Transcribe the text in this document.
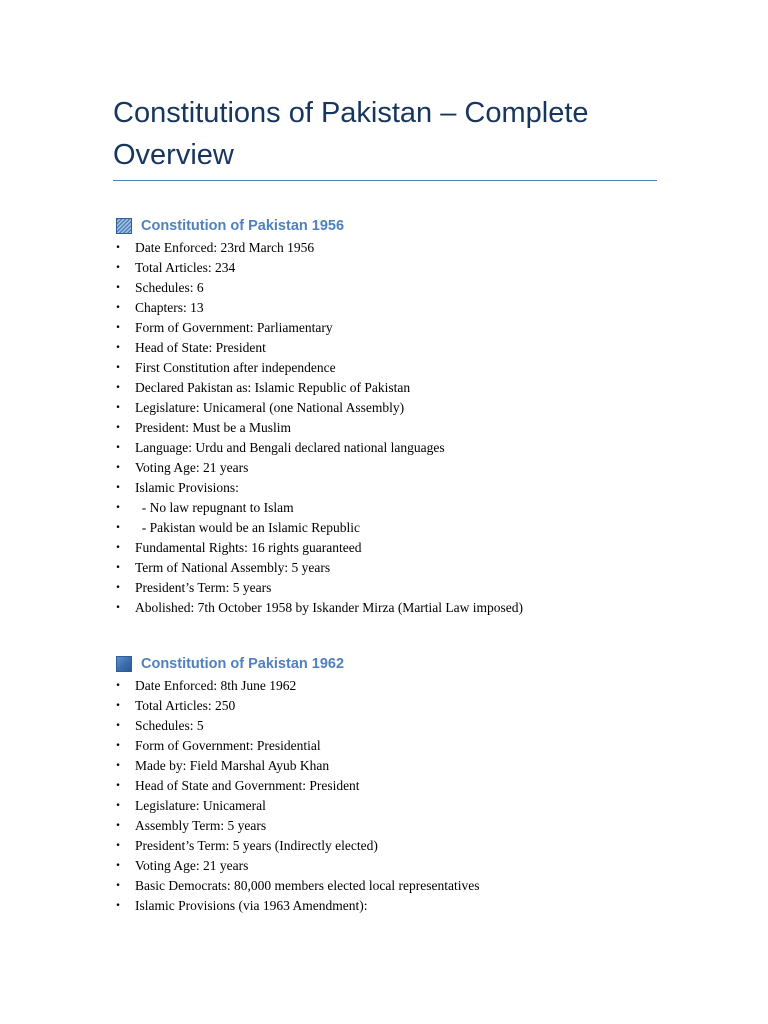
Constitutions of Pakistan – Complete Overview
Constitution of Pakistan 1956
• Date Enforced: 23rd March 1956
• Total Articles: 234
• Schedules: 6
• Chapters: 13
• Form of Government: Parliamentary
• Head of State: President
• First Constitution after independence
• Declared Pakistan as: Islamic Republic of Pakistan
• Legislature: Unicameral (one National Assembly)
• President: Must be a Muslim
• Language: Urdu and Bengali declared national languages
• Voting Age: 21 years
• Islamic Provisions:
• - No law repugnant to Islam
• - Pakistan would be an Islamic Republic
• Fundamental Rights: 16 rights guaranteed
• Term of National Assembly: 5 years
• President’s Term: 5 years
• Abolished: 7th October 1958 by Iskander Mirza (Martial Law imposed)
Constitution of Pakistan 1962
• Date Enforced: 8th June 1962
• Total Articles: 250
• Schedules: 5
• Form of Government: Presidential
• Made by: Field Marshal Ayub Khan
• Head of State and Government: President
• Legislature: Unicameral
• Assembly Term: 5 years
• President’s Term: 5 years (Indirectly elected)
• Voting Age: 21 years
• Basic Democrats: 80,000 members elected local representatives
• Islamic Provisions (via 1963 Amendment):
